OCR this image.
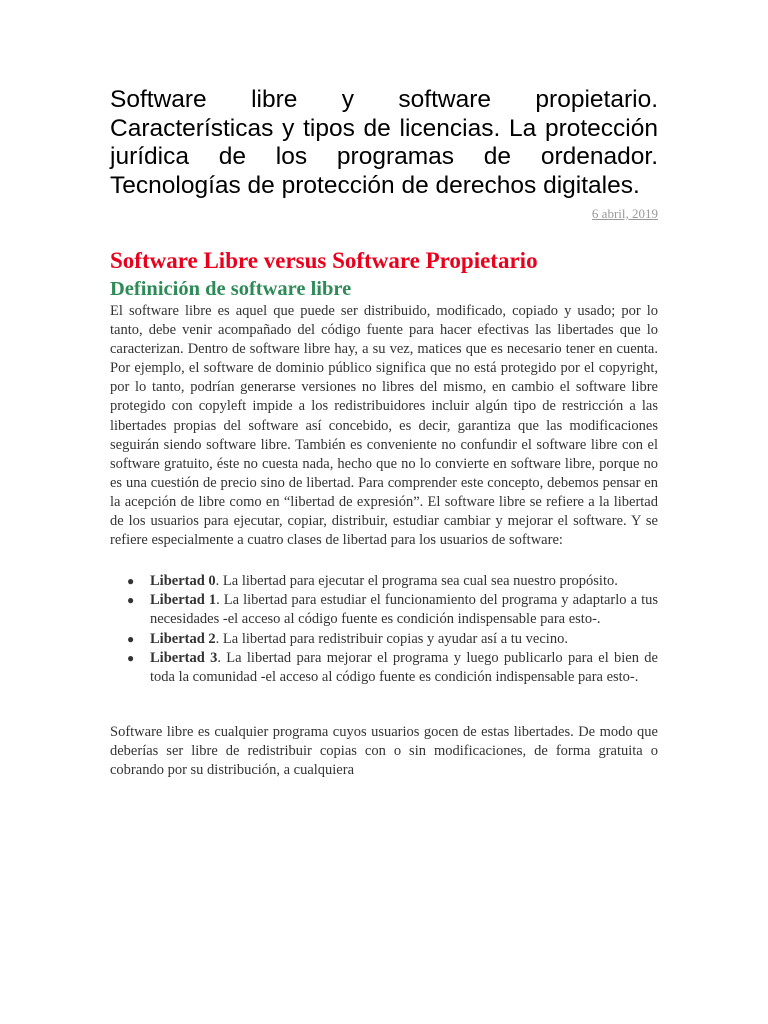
Software libre y software propietario. Características y tipos de licencias. La protección jurídica de los programas de ordenador. Tecnologías de protección de derechos digitales.
6 abril, 2019
Software Libre versus Software Propietario
Definición de software libre

El software libre es aquel que puede ser distribuido, modificado, copiado y usado; por lo tanto, debe venir acompañado del código fuente para hacer efectivas las libertades que lo caracterizan. Dentro de software libre hay, a su vez, matices que es necesario tener en cuenta. Por ejemplo, el software de dominio público significa que no está protegido por el copyright, por lo tanto, podrían generarse versiones no libres del mismo, en cambio el software libre protegido con copyleft impide a los redistribuidores incluir algún tipo de restricción a las libertades propias del software así concebido, es decir, garantiza que las modificaciones seguirán siendo software libre. También es conveniente no confundir el software libre con el software gratuito, éste no cuesta nada, hecho que no lo convierte en software libre, porque no es una cuestión de precio sino de libertad. Para comprender este concepto, debemos pensar en la acepción de libre como en “libertad de expresión”. El software libre se refiere a la libertad de los usuarios para ejecutar, copiar, distribuir, estudiar cambiar y mejorar el software. Y se refiere especialmente a cuatro clases de libertad para los usuarios de software:

● Libertad 0. La libertad para ejecutar el programa sea cual sea nuestro propósito.
● Libertad 1. La libertad para estudiar el funcionamiento del programa y adaptarlo a tus necesidades -el acceso al código fuente es condición indispensable para esto-.
● Libertad 2. La libertad para redistribuir copias y ayudar así a tu vecino.
● Libertad 3. La libertad para mejorar el programa y luego publicarlo para el bien de toda la comunidad -el acceso al código fuente es condición indispensable para esto-.

Software libre es cualquier programa cuyos usuarios gocen de estas libertades. De modo que deberías ser libre de redistribuir copias con o sin modificaciones, de forma gratuita o cobrando por su distribución, a cualquiera
